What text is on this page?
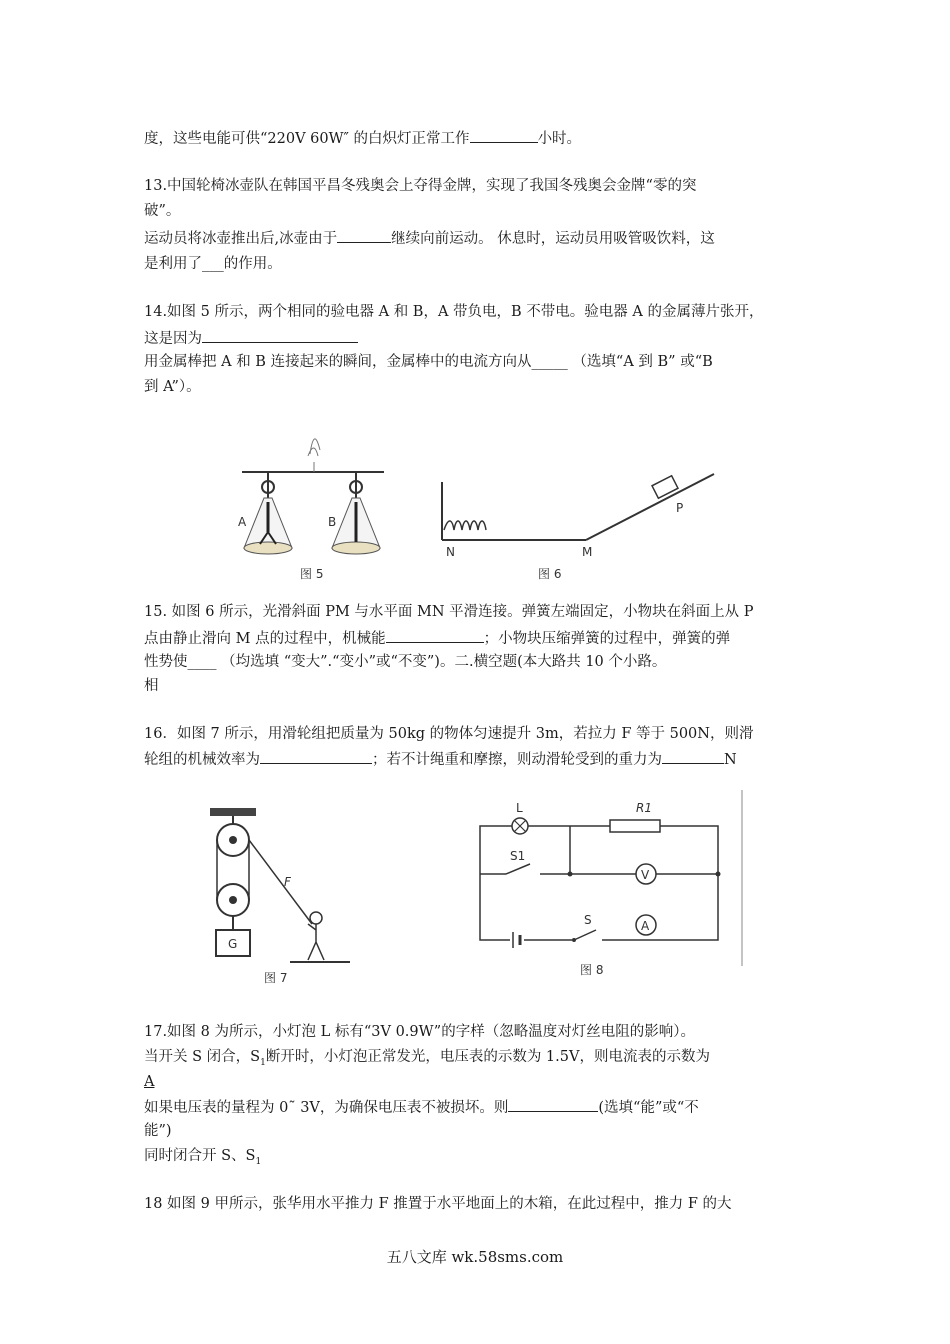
度，这些电能可供“220V 60W″ 的白炽灯正常工作	小时。
13.中国轮椅冰壶队在韩国平昌冬残奥会上夺得金牌，实现了我国冬残奥会金牌“零的突
破”。
运动员将冰壶推出后,冰壶由于	继续向前运动。 休息时，运动员用吸管吸饮料，这
是利用了___的作用。
14.如图 5 所示，两个相同的验电器 A 和 B，A 带负电，B 不带电。验电器 A 的金属薄片张开，
这是因为
用金属棒把 A 和 B 连接起来的瞬间，金属棒中的电流方向从_____ （选填“A 到 B” 或“B
到 A”）。
A	B
图 5
N	M
P
图 6
15. 如图 6 所示，光滑斜面 PM 与水平面 MN 平滑连接。弹簧左端固定，小物块在斜面上从 P
点由静止滑向 M 点的过程中，机械能	；小物块压缩弹簧的过程中，弹簧的弹
性势使____ （均选填 “变大”.“变小”或“不变”)。二.横空题(本大路共 10 个小路。
相
16．如图 7 所示，用滑轮组把质量为 50kg 的物体匀速提升 3m，若拉力 F 等于 500N，则滑
轮组的机械效率为	；若不计绳重和摩擦，则动滑轮受到的重力为	N
F
G
图 7
L	R1
S1
S
V
A
图 8
17.如图 8 为所示，小灯泡 L 标有“3V 0.9W”的字样（忽略温度对灯丝电阻的影响）。
当开关 S 闭合，$S_1$断开时，小灯泡正常发光，电压表的示数为 1.5V，则电流表的示数为
A
如果电压表的量程为 0˜ 3V，为确保电压表不被损坏。则	(选填“能”或“不
能”)
同时闭合开 S、$S_1$
18 如图 9 甲所示，张华用水平推力 F 推置于水平地面上的木箱，在此过程中，推力 F 的大
五八文库 wk.58sms.com
